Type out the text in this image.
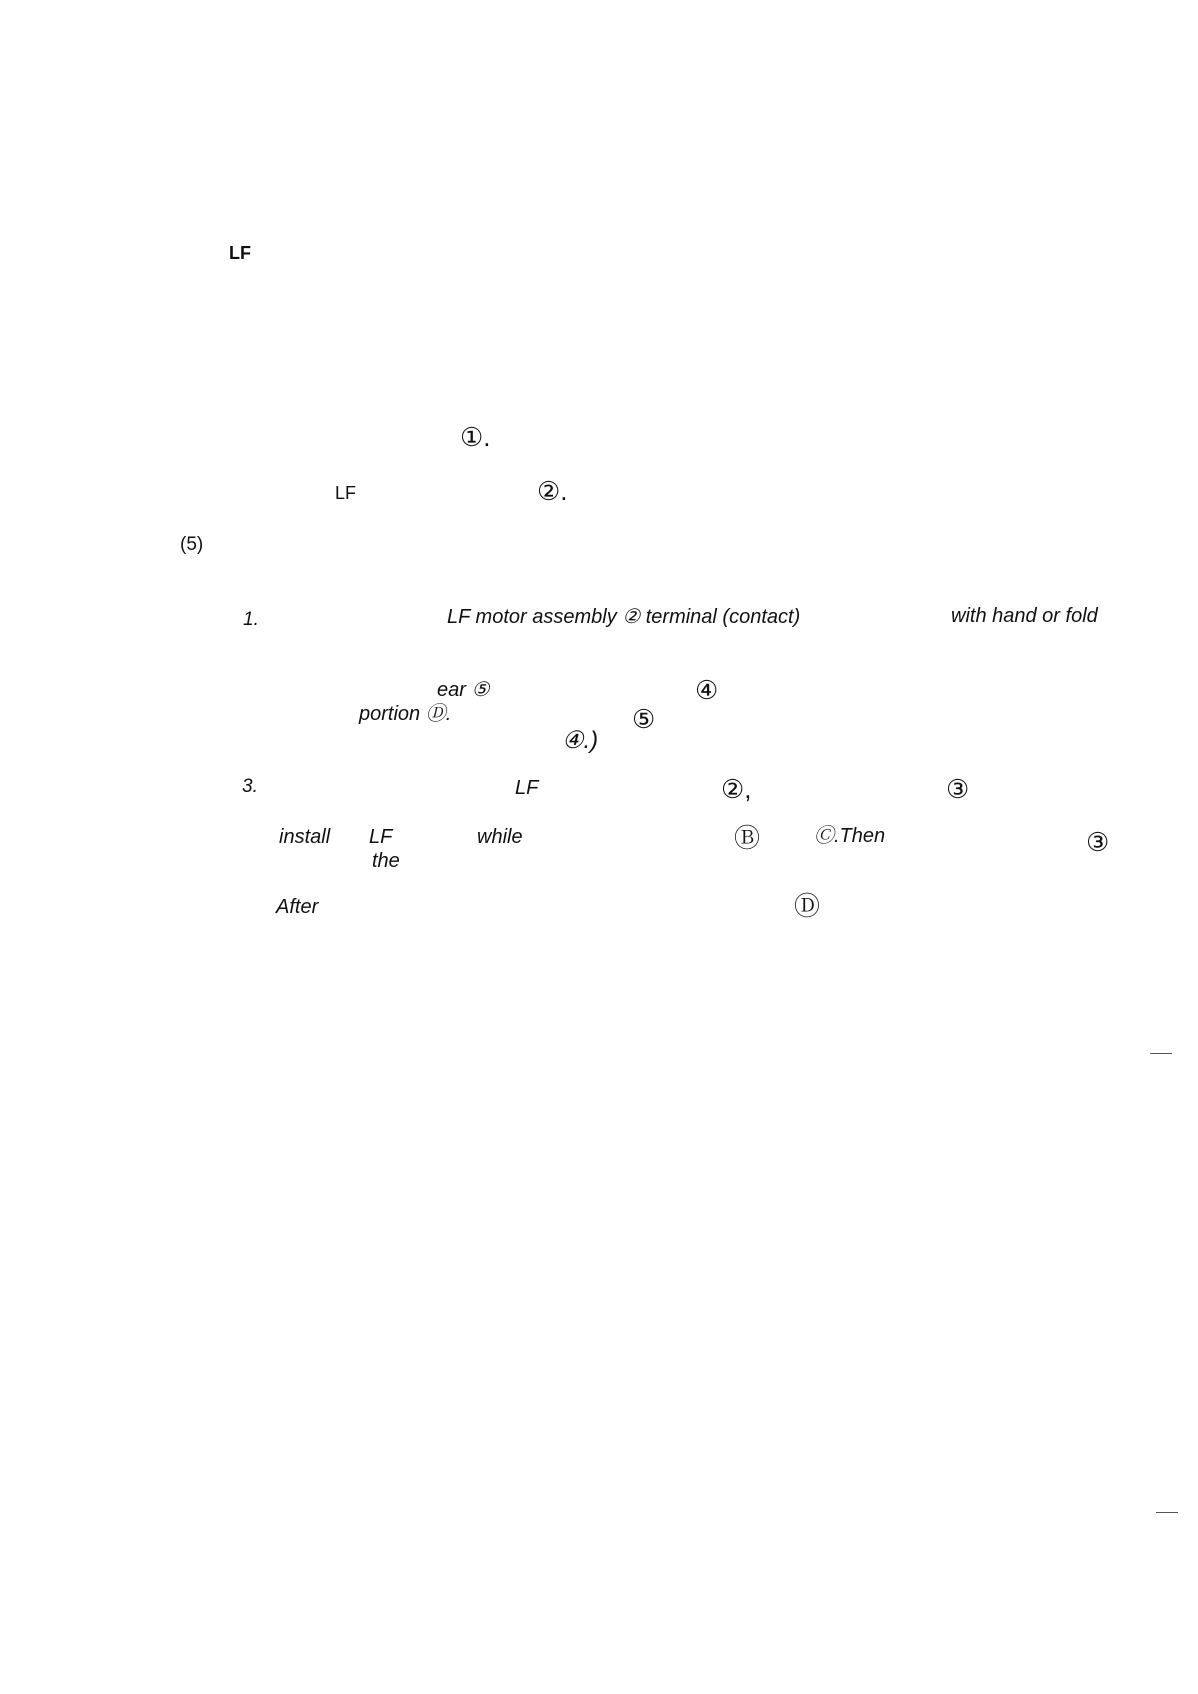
LF
①.
LF	②.
(5)
1.	LF motor assembly ② terminal (contact)	with hand or fold
ear ⑤	④
portion Ⓓ.	⑤
④.)
3.	LF	②,	③
install LF	while	Ⓑ	Ⓒ.Then	③
the
After	Ⓓ
